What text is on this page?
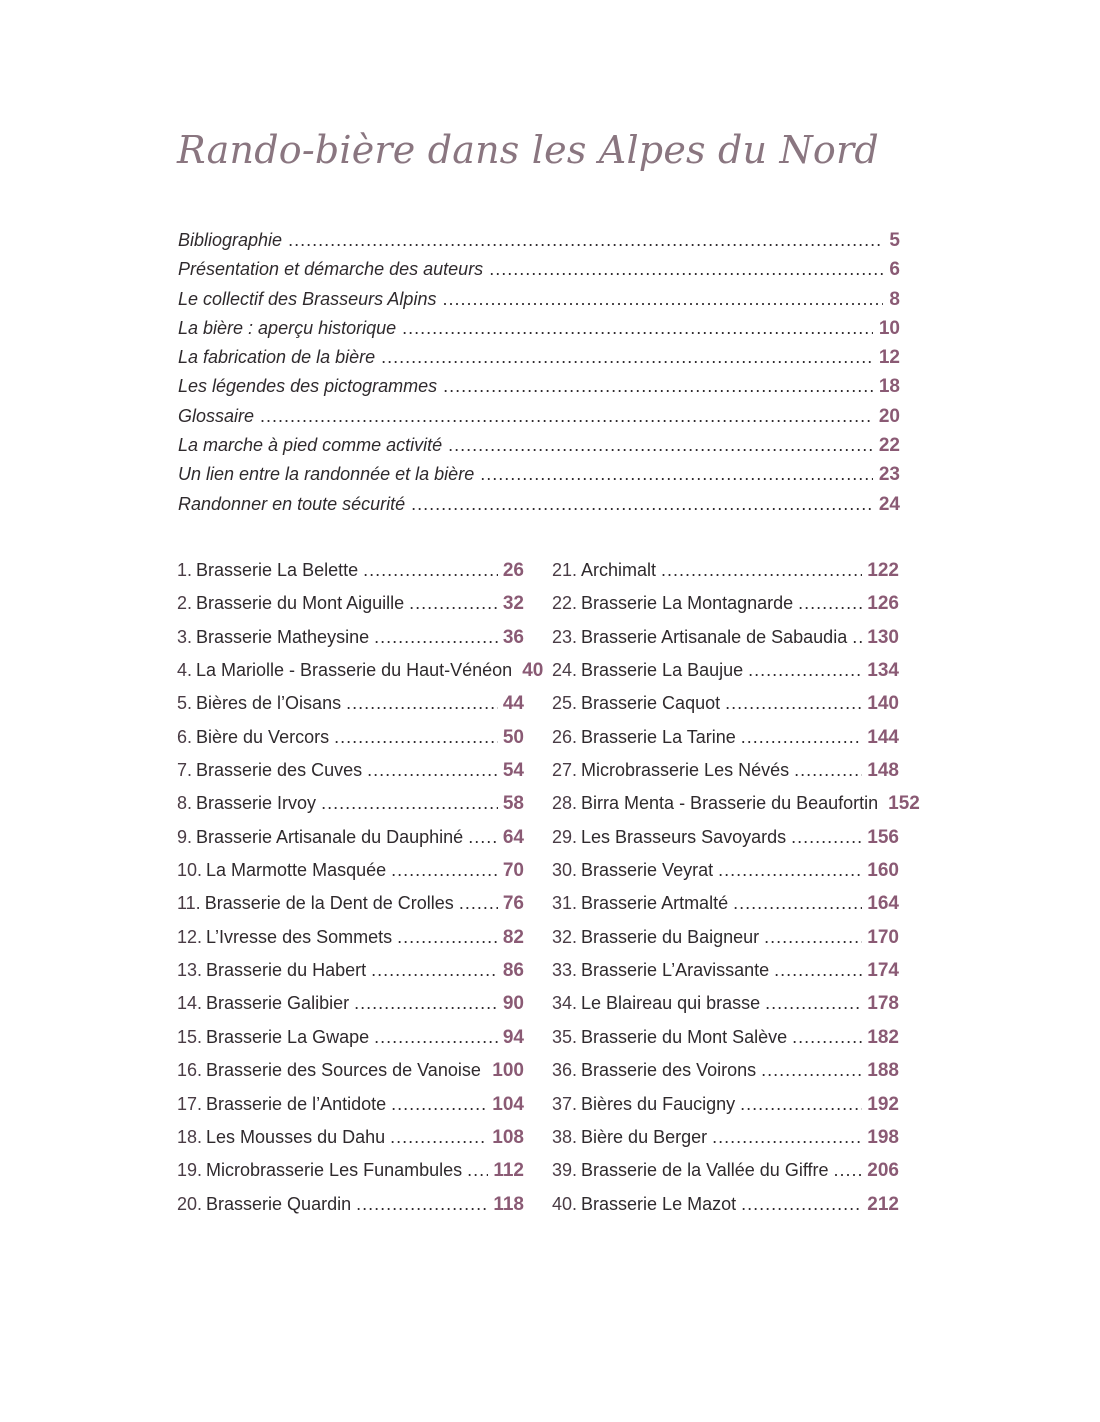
Rando-bière dans les Alpes du Nord
Bibliographie .....	5
Présentation et démarche des auteurs .....	6
Le collectif des Brasseurs Alpins .....	8
La bière : aperçu historique .....	10
La fabrication de la bière .....	12
Les légendes des pictogrammes .....	18
Glossaire .....	20
La marche à pied comme activité .....	22
Un lien entre la randonnée et la bière .....	23
Randonner en toute sécurité .....	24
1. Brasserie La Belette .....	26
2. Brasserie du Mont Aiguille .....	32
3. Brasserie Matheysine .....	36
4. La Mariolle - Brasserie du Haut-Vénéon 40
5. Bières de l’Oisans .....	44
6. Bière du Vercors .....	50
7. Brasserie des Cuves .....	54
8. Brasserie Irvoy .....	58
9. Brasserie Artisanale du Dauphiné ..... 64
10. La Marmotte Masquée .....	70
11. Brasserie de la Dent de Crolles .....	76
12. L’Ivresse des Sommets .....	82
13. Brasserie du Habert .....	86
14. Brasserie Galibier .....	90
15. Brasserie La Gwape .....	94
16. Brasserie des Sources de Vanoise ..... 100
17. Brasserie de l’Antidote .....	104
18. Les Mousses du Dahu .....	108
19. Microbrasserie Les Funambules ..... 112
20. Brasserie Quardin .....	118
21. Archimalt .....	122
22. Brasserie La Montagnarde .....	126
23. Brasserie Artisanale de Sabaudia ..... 130
24. Brasserie La Baujue .....	134
25. Brasserie Caquot .....	140
26. Brasserie La Tarine .....	144
27. Microbrasserie Les Névés .....	148
28. Birra Menta - Brasserie du Beaufortin 152
29. Les Brasseurs Savoyards .....	156
30. Brasserie Veyrat .....	160
31. Brasserie Artmalté .....	164
32. Brasserie du Baigneur .....	170
33. Brasserie L’Aravissante .....	174
34. Le Blaireau qui brasse .....	178
35. Brasserie du Mont Salève .....	182
36. Brasserie des Voirons .....	188
37. Bières du Faucigny .....	192
38. Bière du Berger .....	198
39. Brasserie de la Vallée du Giffre ..... 206
40. Brasserie Le Mazot .....	212
